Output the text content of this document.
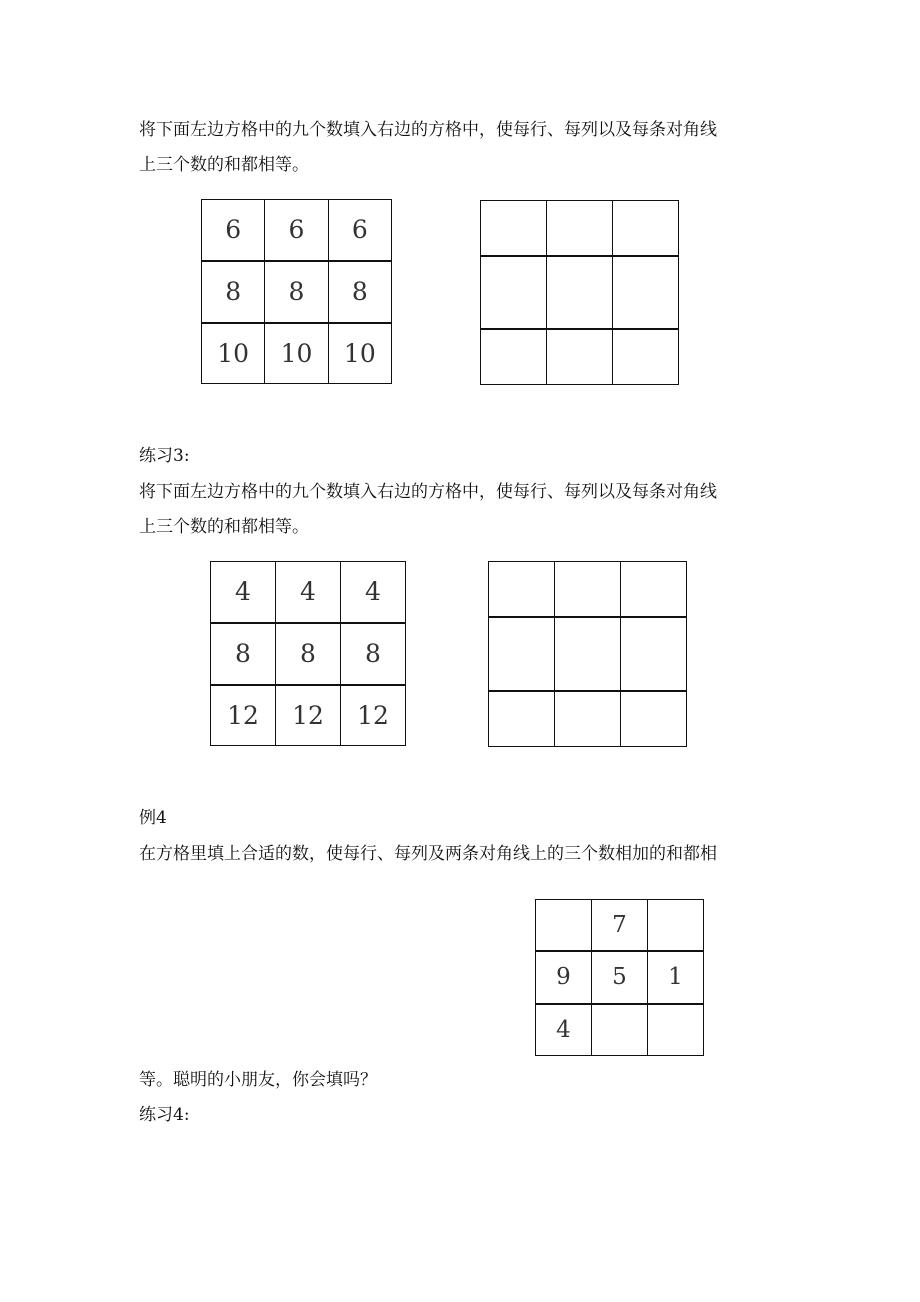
将下面左边方格中的九个数填入右边的方格中，使每行、每列以及每条对角线

上三个数的和都相等。

6	6	6
8	8	8
10	10	10

练习3:

将下面左边方格中的九个数填入右边的方格中，使每行、每列以及每条对角线

上三个数的和都相等。

4	4	4
8	8	8
12	12	12

例4

在方格里填上合适的数，使每行、每列及两条对角线上的三个数相加的和都相

	7	
9	5	1
4		

等。聪明的小朋友，你会填吗？

练习4:
